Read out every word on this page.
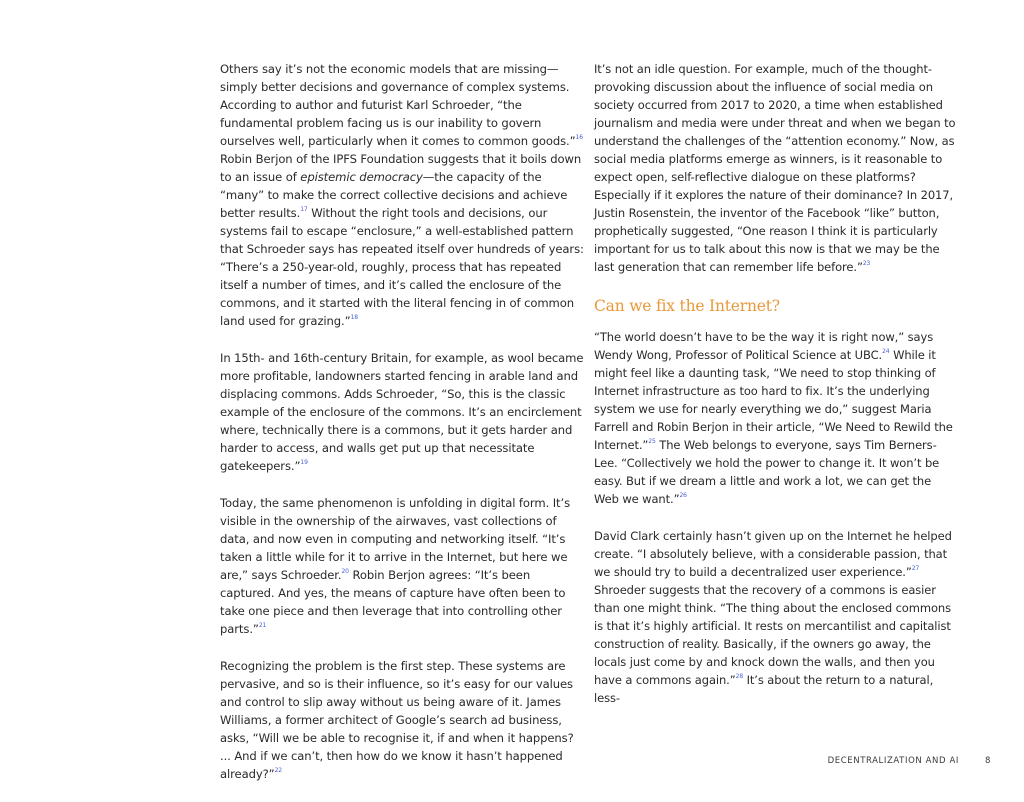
Others say it’s not the economic models that are missing—simply better decisions and governance of complex systems. According to author and futurist Karl Schroeder, “the fundamental problem facing us is our inability to govern ourselves well, particularly when it comes to common goods.”$^{16}$ Robin Berjon of the IPFS Foundation suggests that it boils down to an issue of epistemic democracy—the capacity of the “many” to make the correct collective decisions and achieve better results.$^{17}$ Without the right tools and decisions, our systems fail to escape “enclosure,” a well-established pattern that Schroeder says has repeated itself over hundreds of years: “There’s a 250-year-old, roughly, process that has repeated itself a number of times, and it’s called the enclosure of the commons, and it started with the literal fencing in of common land used for grazing.”$^{18}$

In 15th- and 16th-century Britain, for example, as wool became more profitable, landowners started fencing in arable land and displacing commons. Adds Schroeder, “So, this is the classic example of the enclosure of the commons. It’s an encirclement where, technically there is a commons, but it gets harder and harder to access, and walls get put up that necessitate gatekeepers.”$^{19}$

Today, the same phenomenon is unfolding in digital form. It’s visible in the ownership of the airwaves, vast collections of data, and now even in computing and networking itself. “It’s taken a little while for it to arrive in the Internet, but here we are,” says Schroeder.$^{20}$ Robin Berjon agrees: “It’s been captured. And yes, the means of capture have often been to take one piece and then leverage that into controlling other parts.”$^{21}$

Recognizing the problem is the first step. These systems are pervasive, and so is their influence, so it’s easy for our values and control to slip away without us being aware of it. James Williams, a former architect of Google’s search ad business, asks, “Will we be able to recognise it, if and when it happens? ... And if we can’t, then how do we know it hasn’t happened already?”$^{22}$

It’s not an idle question. For example, much of the thought-provoking discussion about the influence of social media on society occurred from 2017 to 2020, a time when established journalism and media were under threat and when we began to understand the challenges of the “attention economy.” Now, as social media platforms emerge as winners, is it reasonable to expect open, self-reflective dialogue on these platforms? Especially if it explores the nature of their dominance? In 2017, Justin Rosenstein, the inventor of the Facebook “like” button, prophetically suggested, “One reason I think it is particularly important for us to talk about this now is that we may be the last generation that can remember life before.”$^{23}$

Can we fix the Internet?

“The world doesn’t have to be the way it is right now,” says Wendy Wong, Professor of Political Science at UBC.$^{24}$ While it might feel like a daunting task, “We need to stop thinking of Internet infrastructure as too hard to fix. It’s the underlying system we use for nearly everything we do,” suggest Maria Farrell and Robin Berjon in their article, “We Need to Rewild the Internet.”$^{25}$ The Web belongs to everyone, says Tim Berners-Lee. “Collectively we hold the power to change it. It won’t be easy. But if we dream a little and work a lot, we can get the Web we want.”$^{26}$

David Clark certainly hasn’t given up on the Internet he helped create. “I absolutely believe, with a considerable passion, that we should try to build a decentralized user experience.”$^{27}$ Shroeder suggests that the recovery of a commons is easier than one might think. “The thing about the enclosed commons is that it’s highly artificial. It rests on mercantilist and capitalist construction of reality. Basically, if the owners go away, the locals just come by and knock down the walls, and then you have a commons again.”$^{28}$ It’s about the return to a natural, less-

DECENTRALIZATION AND AI	8
